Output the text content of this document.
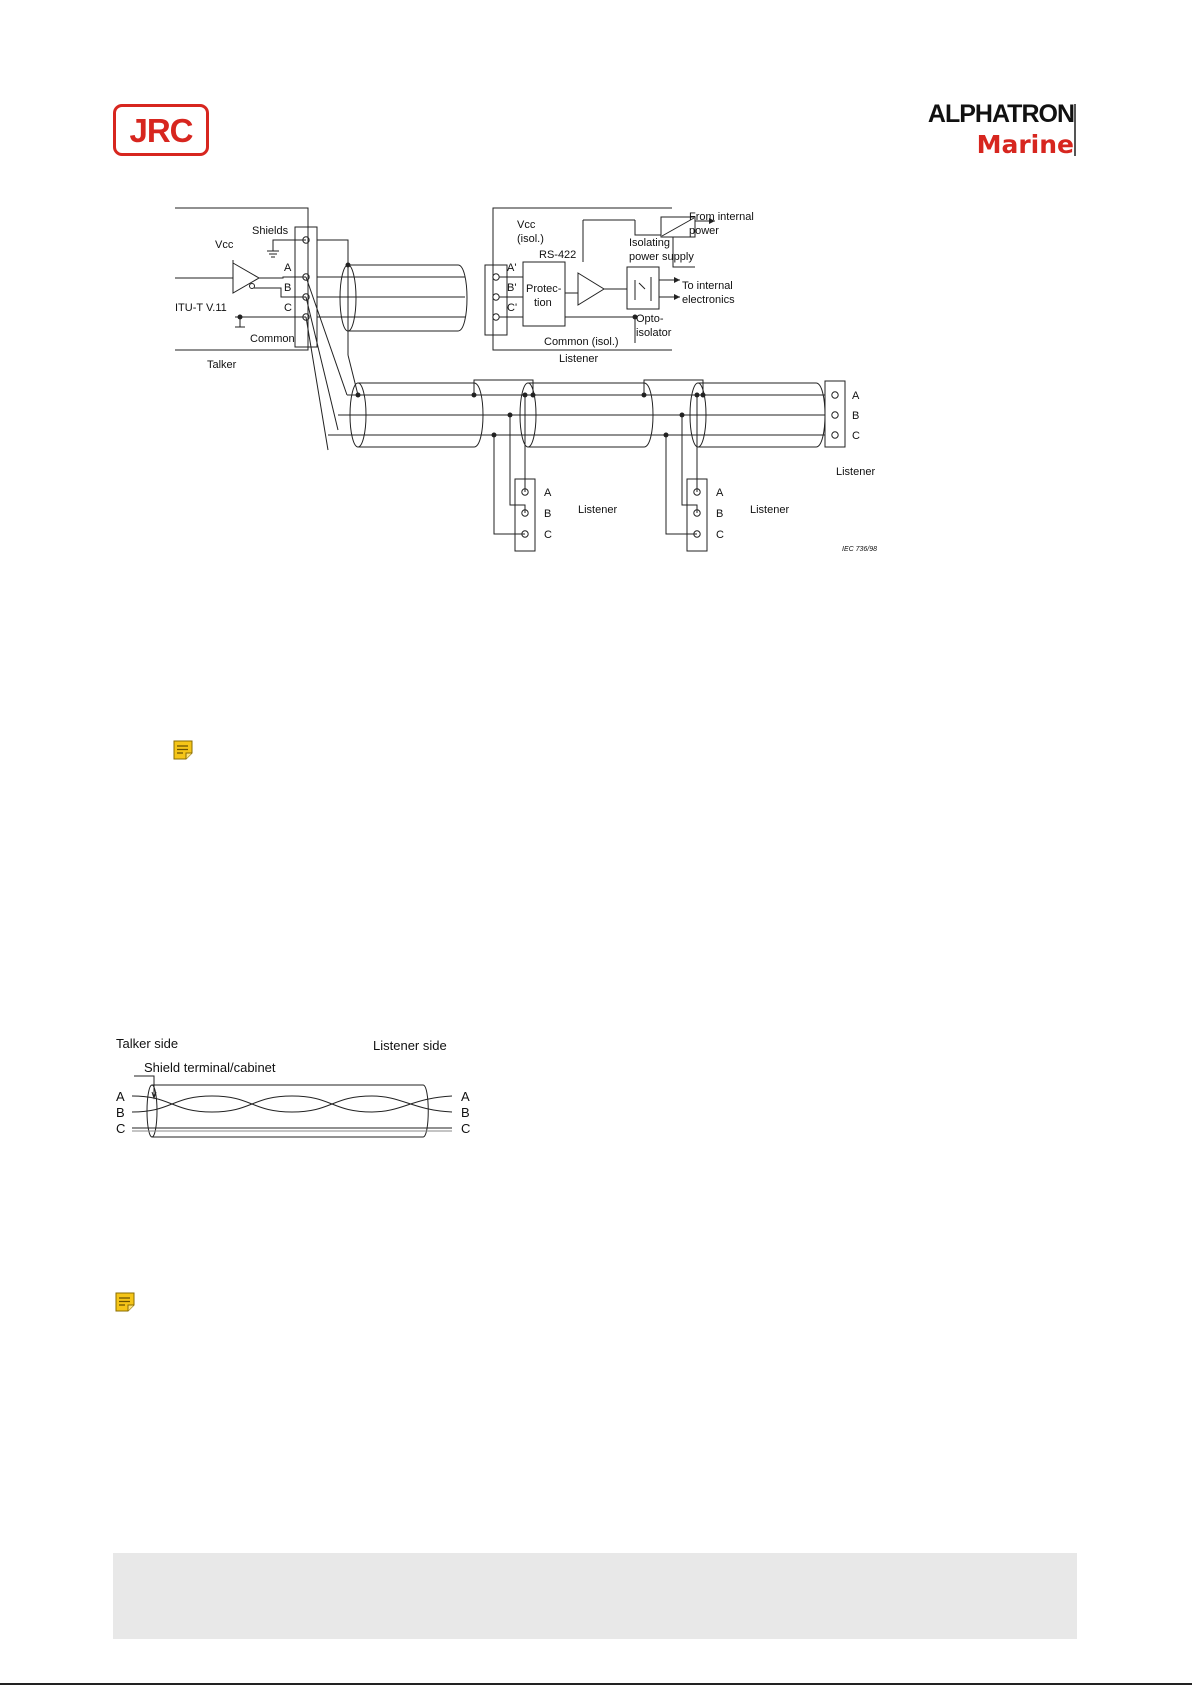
JRC	ALPHATRON
Marine
Shields
Vcc
A
B
C
ITU-T V.11
Common
Talker
Vcc
(isol.)
RS-422
A'
B'
C'
Protec-
tion
From internal
power
Isolating
power supply
To internal
electronics
Opto-
isolator
Common (isol.)
Listener
A
B
C
Listener
A
B
C
Listener
A
B
C
Listener
IEC 736/98
Talker side	Listener side
Shield terminal/cabinet
A
B
C
A
B
C
